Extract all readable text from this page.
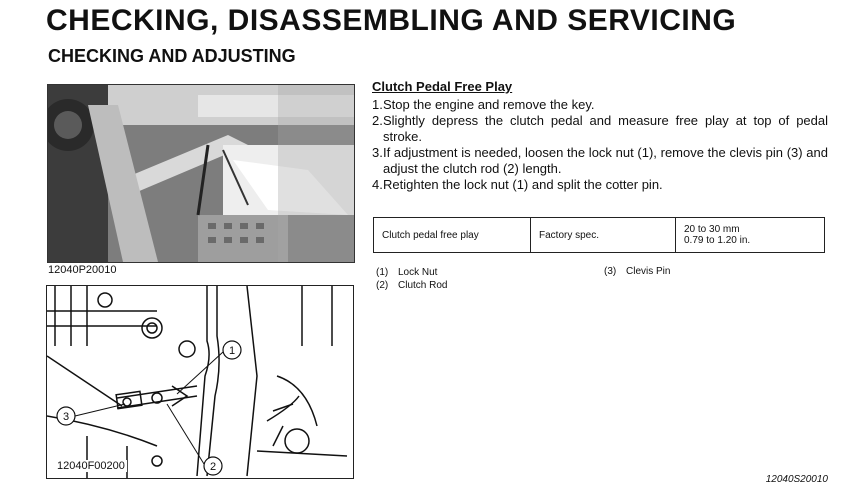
CHECKING, DISASSEMBLING AND SERVICING
CHECKING AND ADJUSTING
12040P20010
1
2
3
12040F00200
Clutch Pedal Free Play
1. Stop the engine and remove the key.
2. Slightly depress the clutch pedal and measure free play at top of pedal stroke.
3. If adjustment is needed, loosen the lock nut (1), remove the clevis pin (3) and adjust the clutch rod (2) length.
4. Retighten the lock nut (1) and split the cotter pin.
Clutch pedal free play	Factory spec.	20 to 30 mm
0.79 to 1.20 in.
(1) Lock Nut
(2) Clutch Rod
(3) Clevis Pin
12040S20010
